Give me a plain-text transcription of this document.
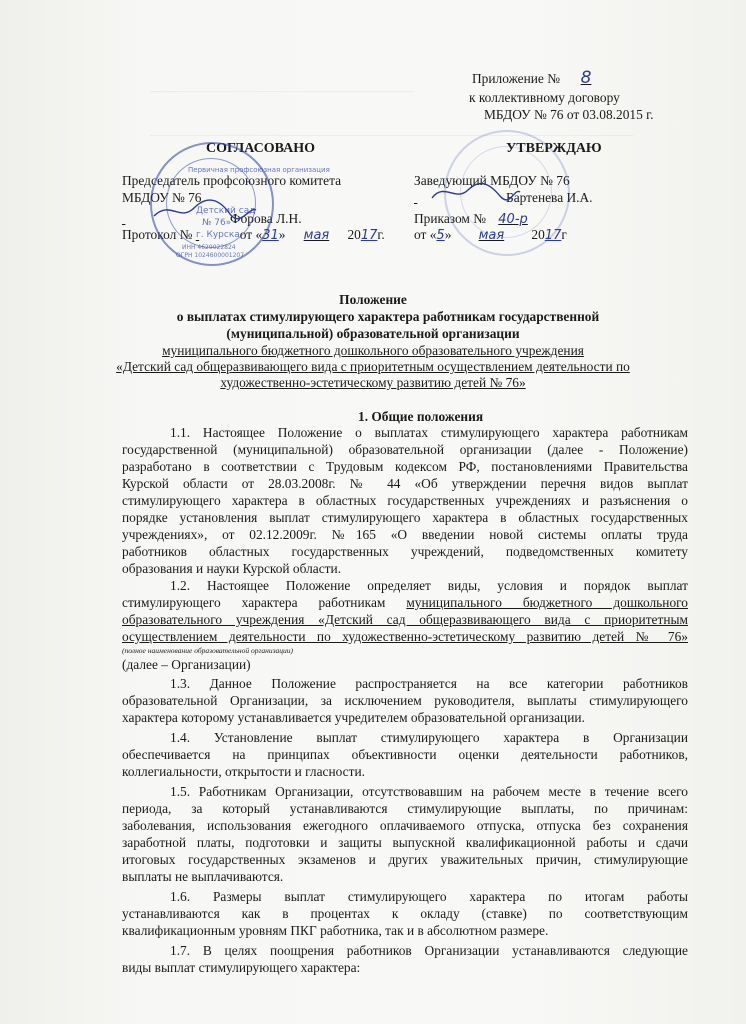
──────────────────────────────────
──────────────────────────────────────────────────────────────
Приложение № 8
к коллективному договору
МБДОУ № 76 от 03.08.2015 г.
СОГЛАСОВАНО	УТВЕРЖДАЮ
Председатель профсоюзного комитета
МБДОУ № 76
Форова Л.Н.
Протокол №	от «31» мая 2017г.
Заведующий МБДОУ № 76
Бартенева И.А.
Приказом № 40-р
от «5» мая 2017г
Первичная профсоюзная организация
Детский сад
№ 76»
г. Курска
ИНН 4629022824
ОГРН 1024600001207
Положение
о выплатах стимулирующего характера работникам государственной
(муниципальной) образовательной организации
муниципального бюджетного дошкольного образовательного учреждения
«Детский сад общеразвивающего вида с приоритетным осуществлением деятельности по
художественно-эстетическому развитию детей № 76»
1. Общие положения
1.1. Настоящее Положение о выплатах стимулирующего характера работникам
государственной (муниципальной) образовательной организации (далее - Положение)
разработано в соответствии с Трудовым кодексом РФ, постановлениями Правительства
Курской области от 28.03.2008г. № 44 «Об утверждении перечня видов выплат
стимулирующего характера в областных государственных учреждениях и разъяснения о
порядке установления выплат стимулирующего характера в областных государственных
учреждениях», от 02.12.2009г. №165 «О введении новой системы оплаты труда
работников областных государственных учреждений, подведомственных комитету
образования и науки Курской области.
1.2. Настоящее Положение определяет виды, условия и порядок выплат
стимулирующего характера работникам муниципального бюджетного дошкольного
образовательного учреждения «Детский сад общеразвивающего вида с приоритетным
осуществлением деятельности по художественно-эстетическому развитию детей № 76»
(полное наименование образовательной организации)
(далее – Организации)
1.3. Данное Положение распространяется на все категории работников
образовательной Организации, за исключением руководителя, выплаты стимулирующего
характера которому устанавливается учредителем образовательной организации.
1.4. Установление выплат стимулирующего характера в Организации
обеспечивается на принципах объективности оценки деятельности работников,
коллегиальности, открытости и гласности.
1.5. Работникам Организации, отсутствовавшим на рабочем месте в течение всего
периода, за который устанавливаются стимулирующие выплаты, по причинам:
заболевания, использования ежегодного оплачиваемого отпуска, отпуска без сохранения
заработной платы, подготовки и защиты выпускной квалификационной работы и сдачи
итоговых государственных экзаменов и других уважительных причин, стимулирующие
выплаты не выплачиваются.
1.6. Размеры выплат стимулирующего характера по итогам работы
устанавливаются как в процентах к окладу (ставке) по соответствующим
квалификационным уровням ПКГ работника, так и в абсолютном размере.
1.7. В целях поощрения работников Организации устанавливаются следующие
виды выплат стимулирующего характера:
